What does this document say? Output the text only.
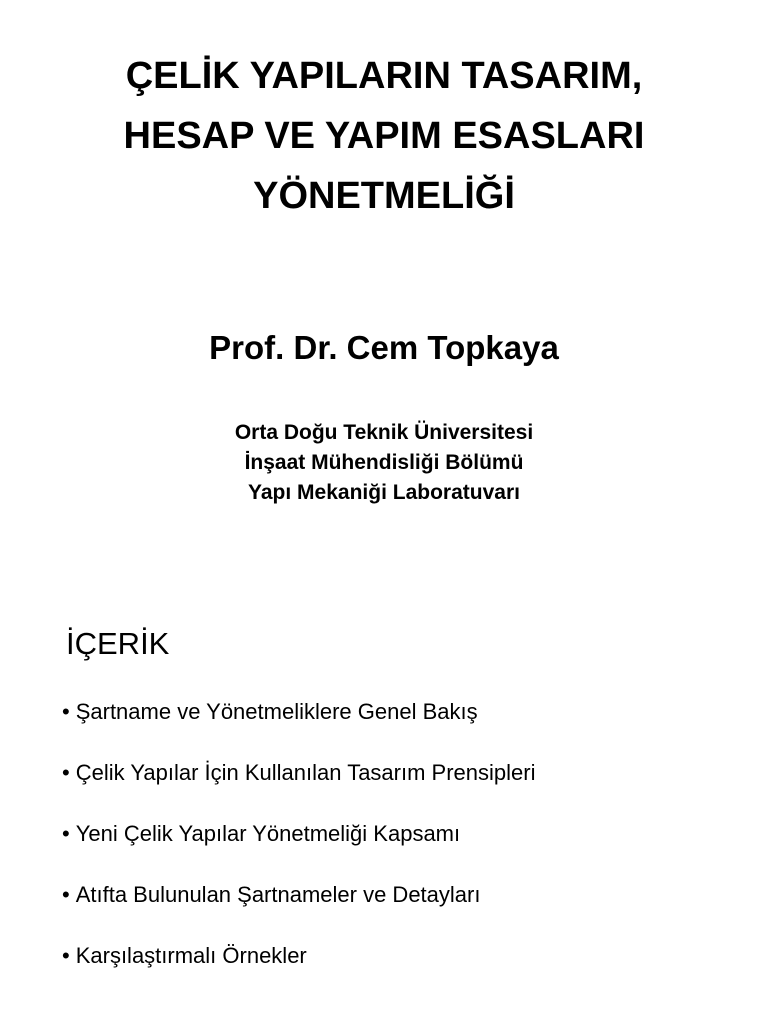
ÇELİK YAPILARIN TASARIM,
HESAP VE YAPIM ESASLARI
YÖNETMELİĞİ

Prof. Dr. Cem Topkaya

Orta Doğu Teknik Üniversitesi
İnşaat Mühendisliği Bölümü
Yapı Mekaniği Laboratuvarı

İÇERİK
• Şartname ve Yönetmeliklere Genel Bakış
• Çelik Yapılar İçin Kullanılan Tasarım Prensipleri
• Yeni Çelik Yapılar Yönetmeliği Kapsamı
• Atıfta Bulunulan Şartnameler ve Detayları
• Karşılaştırmalı Örnekler
